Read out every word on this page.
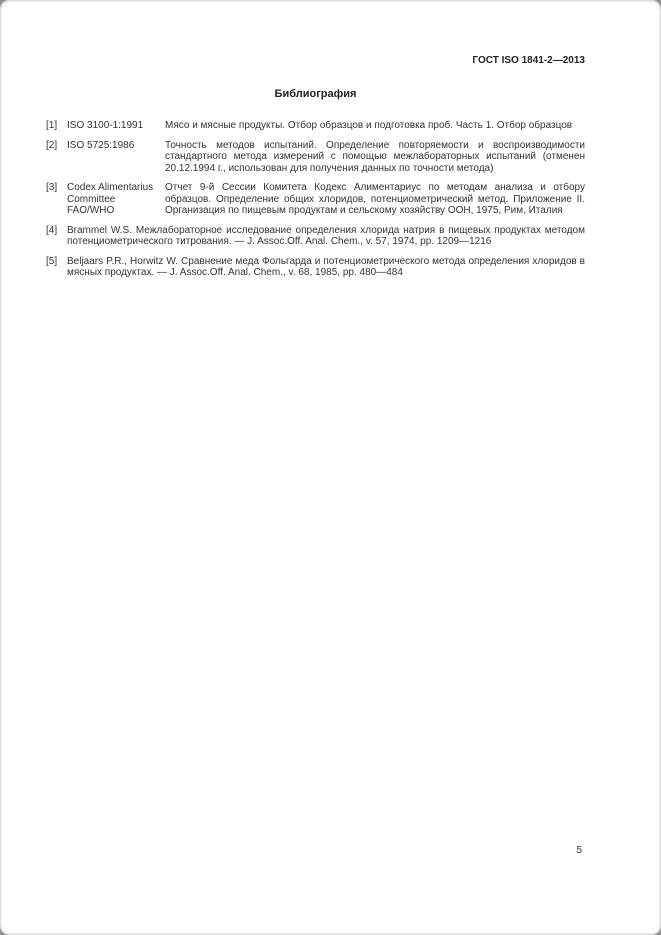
ГОСТ ISO 1841-2—2013
Библиография
[1] ISO 3100-1:1991	Мясо и мясные продукты. Отбор образцов и подготовка проб. Часть 1. Отбор образцов
[2] ISO 5725:1986	Точность методов испытаний. Определение повторяемости и воспроизводимости стандартного метода измерений с помощью межлабораторных испытаний (отменен 20.12.1994 г., использован для получения данных по точности метода)
[3] Codex Alimentarius Committee FAO/WHO
Отчет 9-й Сессии Комитета Кодекс Алиментариус по методам анализа и отбору образцов. Определение общих хлоридов, потенциометрический метод. Приложение II. Организация по пищевым продуктам и сельскому хозяйству ООН, 1975, Рим, Италия
[4] Brammel W.S. Межлабораторное исследование определения хлорида натрия в пищевых продуктах методом потенциометрического титрования. — J. Assoc.Off. Anal. Chem., v. 57, 1974, pp. 1209—1216
[5] Beljaars P.R., Horwitz W. Сравнение меда Фольгарда и потенциометрического метода определения хлоридов в мясных продуктах. — J. Assoc.Off. Anal. Chem., v. 68, 1985, pp. 480—484
5
